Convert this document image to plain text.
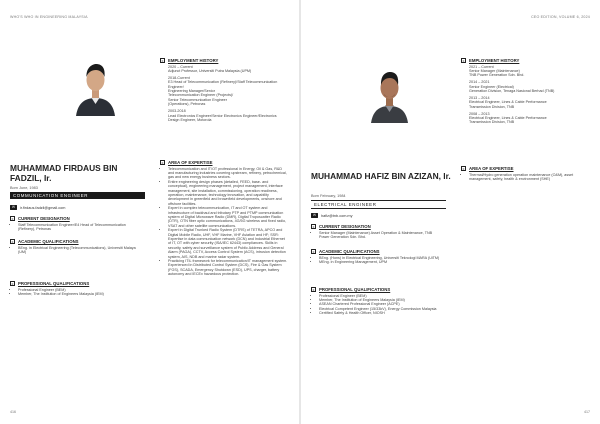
WHO'S WHO IN ENGINEERING MALAYSIA
MUHAMMAD FIRDAUS BIN FADZIL, Ir.
Born June, 1983
COMMUNICATION ENGINEER
✉	ir.firdaus.fadzil@gmail.com
≡	CURRENT DESIGNATION
• Staff Telecommunication Engineer/E4 Head of Telecommunication (Refinery), Petronas
≡	ACADEMIC QUALIFICATIONS
• BEng. in Electrical Engineering (Telecommunications), Universiti Malaya (UM)
≡	PROFESSIONAL QUALIFICATIONS
• Professional Engineer (BEM)
• Member, The Institution of Engineers Malaysia (IEM)
≡	EMPLOYMENT HISTORY
2020 – Current
Adjunct Professor, Universiti Putra Malaysia (UPM)
2018-Current
E3 Head of Telecommunication (Refinery)/Staff Telecommunication Engineer/
Engineering Manager/Senior
Telecommunication Engineer (Projects)/
Senior Telecommunication Engineer
(Operations), Petronas
2003-2018
Lead Electronics Engineer/Senior Electronics Engineer/Electronics Design Engineer, Motorola
≡	AREA OF EXPERTISE
• Telecommunication and IT/OT professional in Energy, Oil & Gas, R&D and manufacturing industries covering upstream, refinery, petrochemical, gas and new energy business sectors.
• Entire engineering design phases (detailed, FEED, base- and conceptual), engineering management, project management, interface management, site installation, commissioning, operation readiness, operation, maintenance, technology innovation, and capability development in greenfield and brownfield developments, onshore and offshore facilities.
• Expert in complex telecommunication, IT and OT system and infrastructure of backhaul and tributary PTP and PTMP communication system of Digital Microwave Radio (DMR), Digital Troposcatter Radio (DTR), OTN fiber optic communications, 4G/5G wireless and fixed radio, VSAT and other satellite communications.
• Expert in Digital Trunked Radio System (DTRS) of TETRA, APCO and Digital Mobile Radio, UHF, VHF Marine, VHF Aviation and HF; SSR: Expertise in data communication network (DCN) and Industrial Ethernet of IT, OT with cyber security (ISA/IEC 62443) compliances. Skills in security, safety and surveillance system of Public Address and General Alarm (PAGA), CCTV, Access Control System (ACS), intrusion detection system, AIS, NDB and marine radar system.
• Practicing ITIL framework for telecommunication/IT management system. Experienced in Distributed Control System (DCS), Fire & Gas System (FGS), SCADA, Emergency Shutdown (ESD), UPS, charger, battery autonomy and IECEx hazardous protection.
416
CEO EDITION, VOLUME 6, 2024
MUHAMMAD HAFIZ BIN AZIZAN, Ir.
Born February, 1984
ELECTRICAL ENGINEER
✉	hafiz@tnb.com.my
≡	CURRENT DESIGNATION
• Senior Manager (Maintenance) Asset Operation & Maintenance, TNB Power Generation Sdn. Bhd.
≡	ACADEMIC QUALIFICATIONS
• BEng. (Hons) in Electrical Engineering, Universiti Teknologi MARA (UiTM)
• MEng. in Engineering Management, UPM
≡	PROFESSIONAL QUALIFICATIONS
• Professional Engineer (BEM)
• Member, The Institution of Engineers Malaysia (IEM)
• ASEAN Chartered Professional Engineer (ACPE)
• Electrical Competent Engineer (15/33kV), Energy Commission Malaysia
• Certified Safety & Health Officer, NIOSH
≡	EMPLOYMENT HISTORY
2021 – Current
Senior Manager (Maintenance)
TNB Power Generation Sdn. Bhd.
2014 – 2021
Senior Engineer (Electrical)
Generation Division, Tenaga Nasional Berhad (TNB)
2013 – 2014
Electrical Engineer, Lines & Cable Performance
Transmission Division, TNB
2008 – 2013
Electrical Engineer, Lines & Cable Performance
Transmission Division, TNB
≡	AREA OF EXPERTISE
• Thermal/Hydro generation operation maintenance (O&M), asset management, safety, health & environment (SHE)
417
